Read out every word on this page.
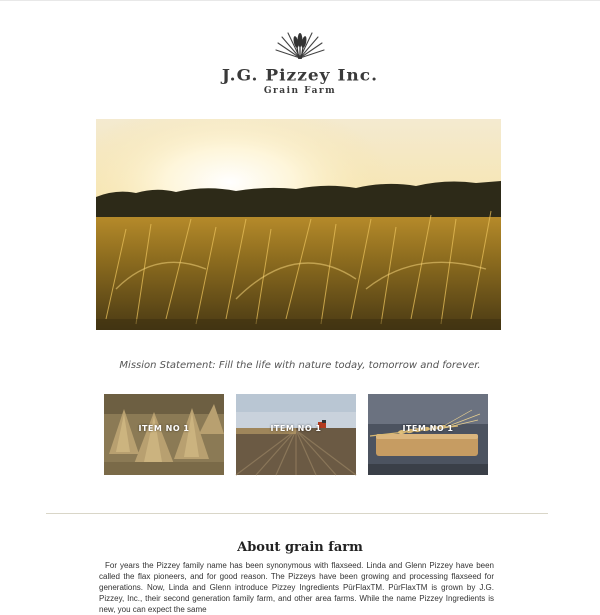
J.G. Pizzey Inc.
Grain Farm
Mission Statement: Fill the life with nature today, tomorrow and forever.
ITEM NO 1	ITEM NO 1	ITEM NO 1
About grain farm
For years the Pizzey family name has been synonymous with flaxseed. Linda and Glenn Pizzey have been called the flax pioneers, and for good reason. The Pizzeys have been growing and processing flaxseed for generations. Now, Linda and Glenn introduce Pizzey Ingredients PūrFlaxTM. PūrFlaxTM is grown by J.G. Pizzey, Inc., their second generation family farm, and other area farms. While the name Pizzey Ingredients is new, you can expect the same
